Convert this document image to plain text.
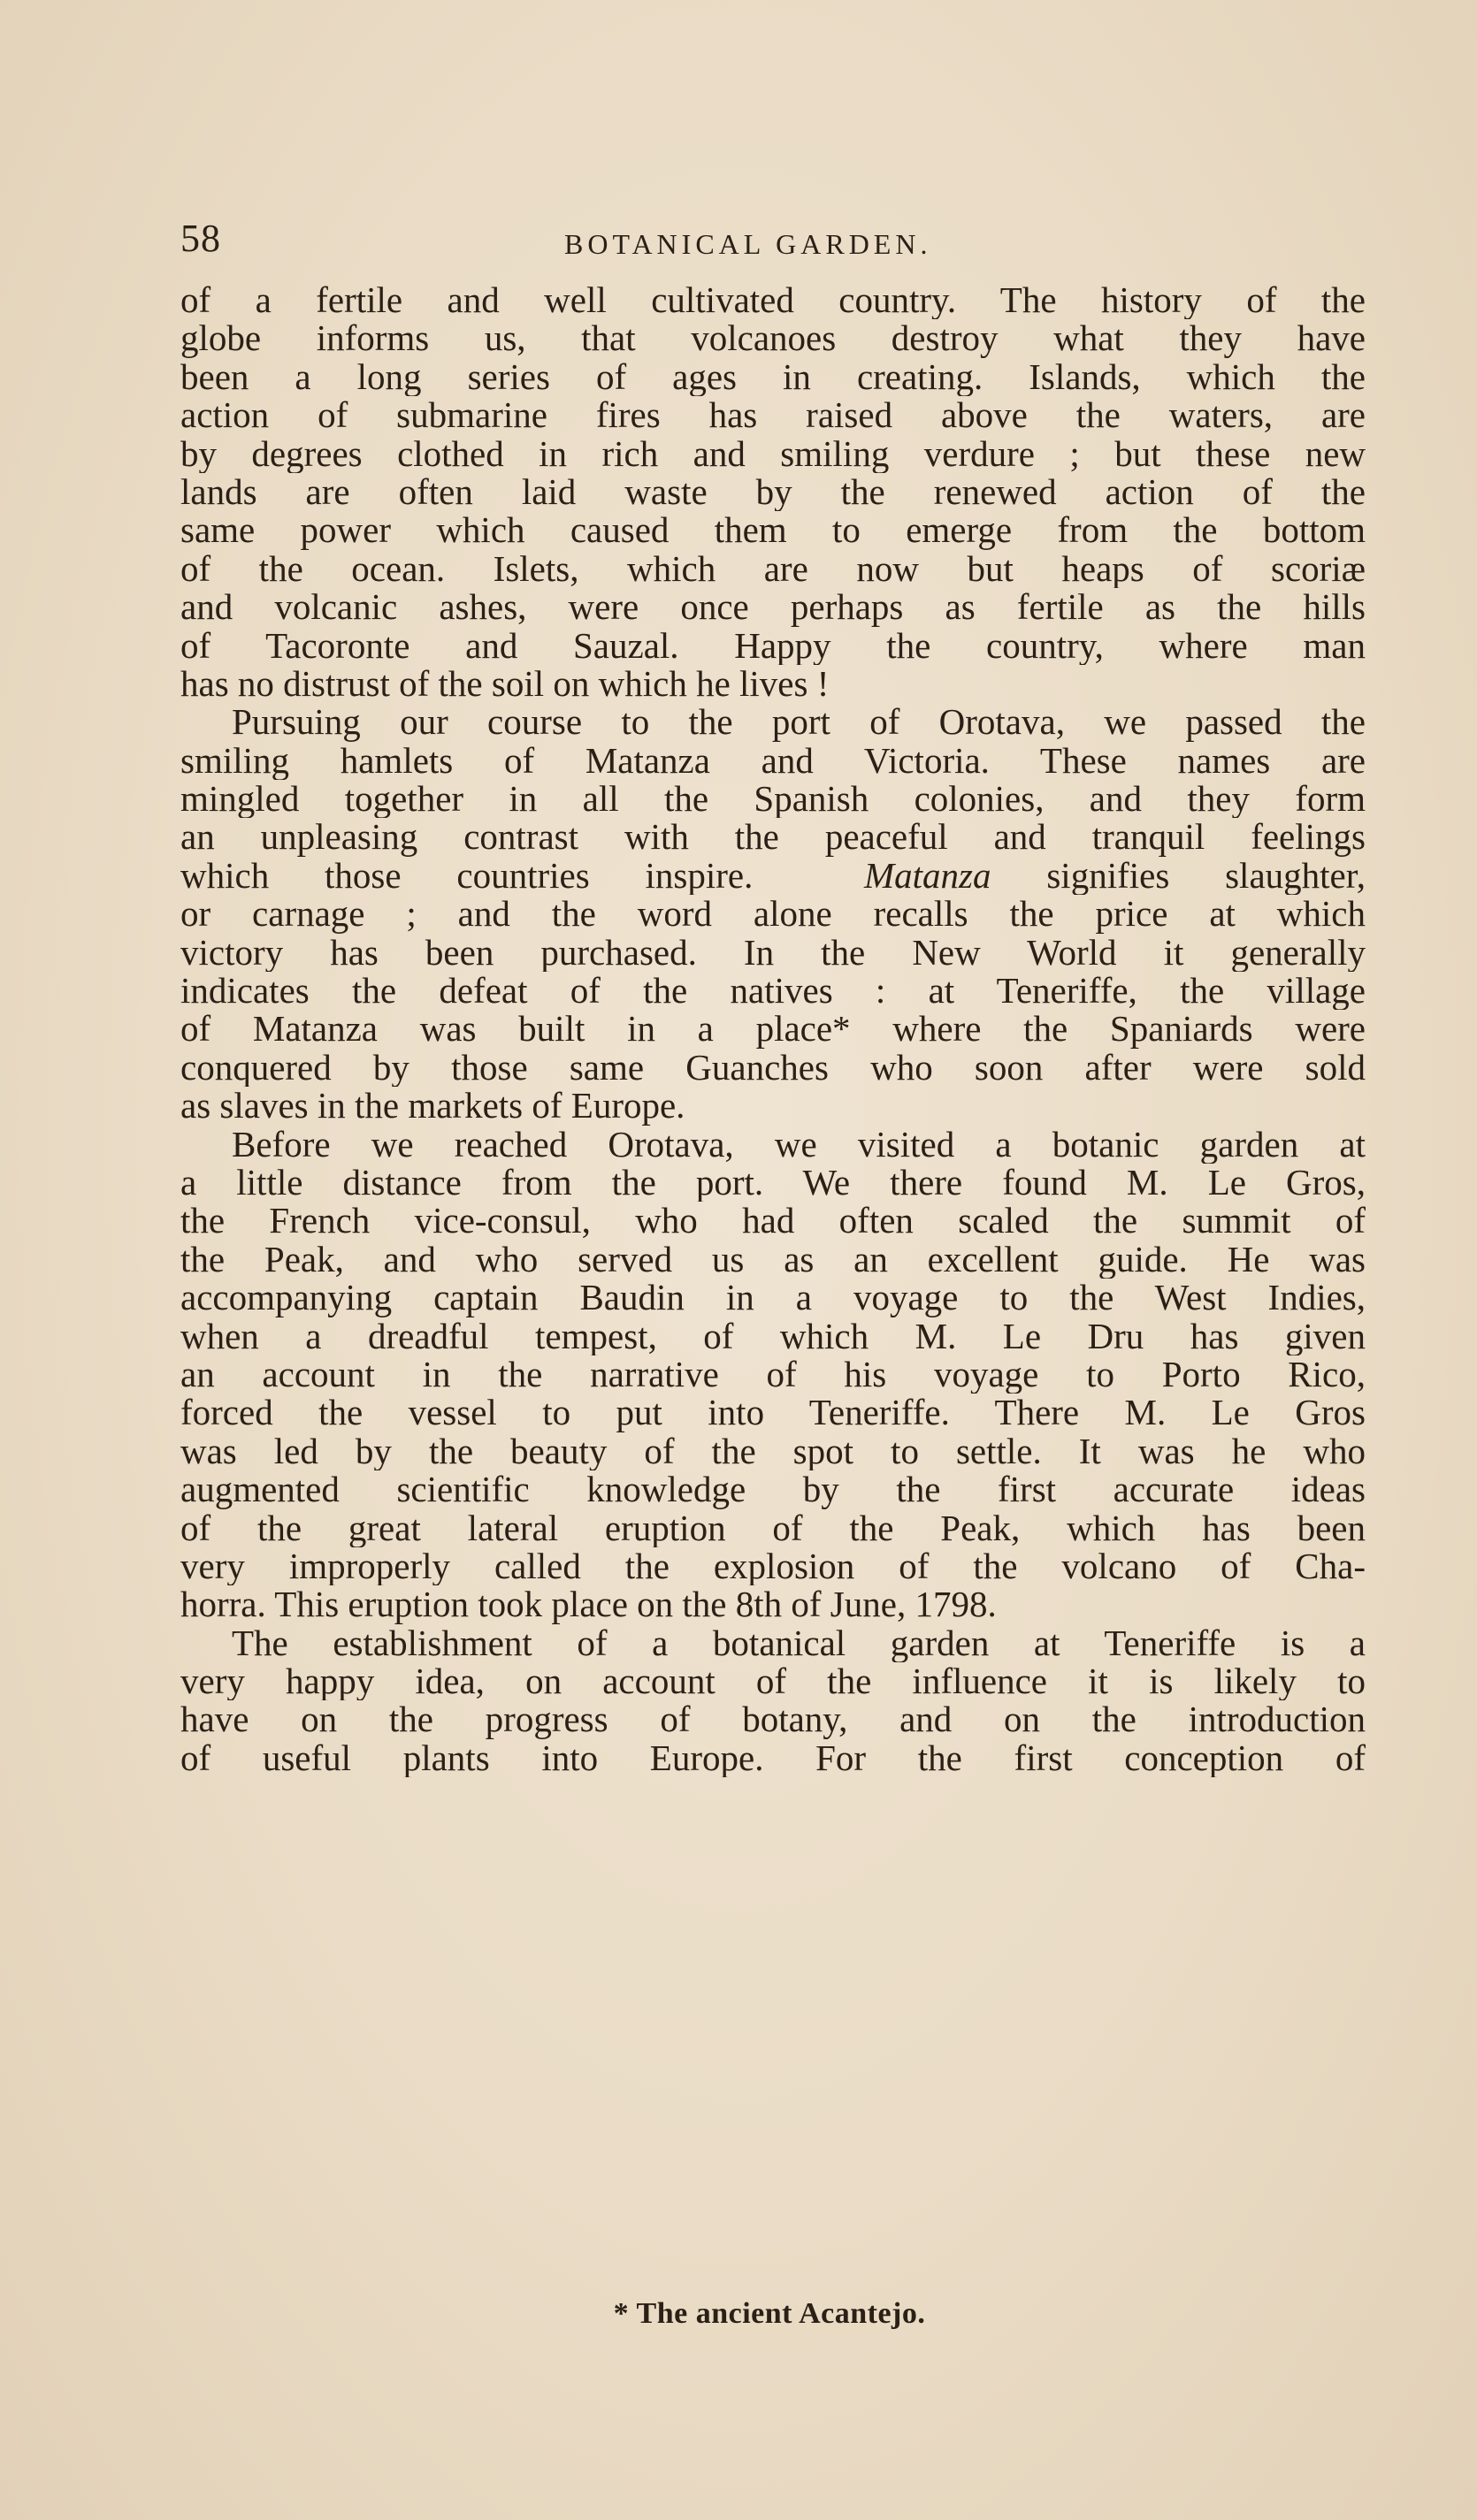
58	BOTANICAL GARDEN.
of a fertile and well cultivated country. The history of the
globe informs us, that volcanoes destroy what they have
been a long series of ages in creating. Islands, which the
action of submarine fires has raised above the waters, are
by degrees clothed in rich and smiling verdure ; but these new
lands are often laid waste by the renewed action of the
same power which caused them to emerge from the bottom
of the ocean. Islets, which are now but heaps of scoriæ
and volcanic ashes, were once perhaps as fertile as the hills
of Tacoronte and Sauzal. Happy the country, where man
has no distrust of the soil on which he lives !
Pursuing our course to the port of Orotava, we passed the
smiling hamlets of Matanza and Victoria. These names are
mingled together in all the Spanish colonies, and they form
an unpleasing contrast with the peaceful and tranquil feelings
which those countries inspire.	Matanza signifies slaughter,
or carnage ; and the word alone recalls the price at which
victory has been purchased. In the New World it generally
indicates the defeat of the natives : at Teneriffe, the village
of Matanza was built in a place* where the Spaniards were
conquered by those same Guanches who soon after were sold
as slaves in the markets of Europe.
Before we reached Orotava, we visited a botanic garden at
a little distance from the port. We there found M. Le Gros,
the French vice-consul, who had often scaled the summit of
the Peak, and who served us as an excellent guide. He was
accompanying captain Baudin in a voyage to the West Indies,
when a dreadful tempest, of which M. Le Dru has given
an account in the narrative of his voyage to Porto Rico,
forced the vessel to put into Teneriffe. There M. Le Gros
was led by the beauty of the spot to settle. It was he who
augmented scientific knowledge by the first accurate ideas
of the great lateral eruption of the Peak, which has been
very improperly called the explosion of the volcano of Cha-
horra. This eruption took place on the 8th of June, 1798.
The establishment of a botanical garden at Teneriffe is a
very happy idea, on account of the influence it is likely to
have on the progress of botany, and on the introduction
of useful plants into Europe. For the first conception of
* The ancient Acantejo.
